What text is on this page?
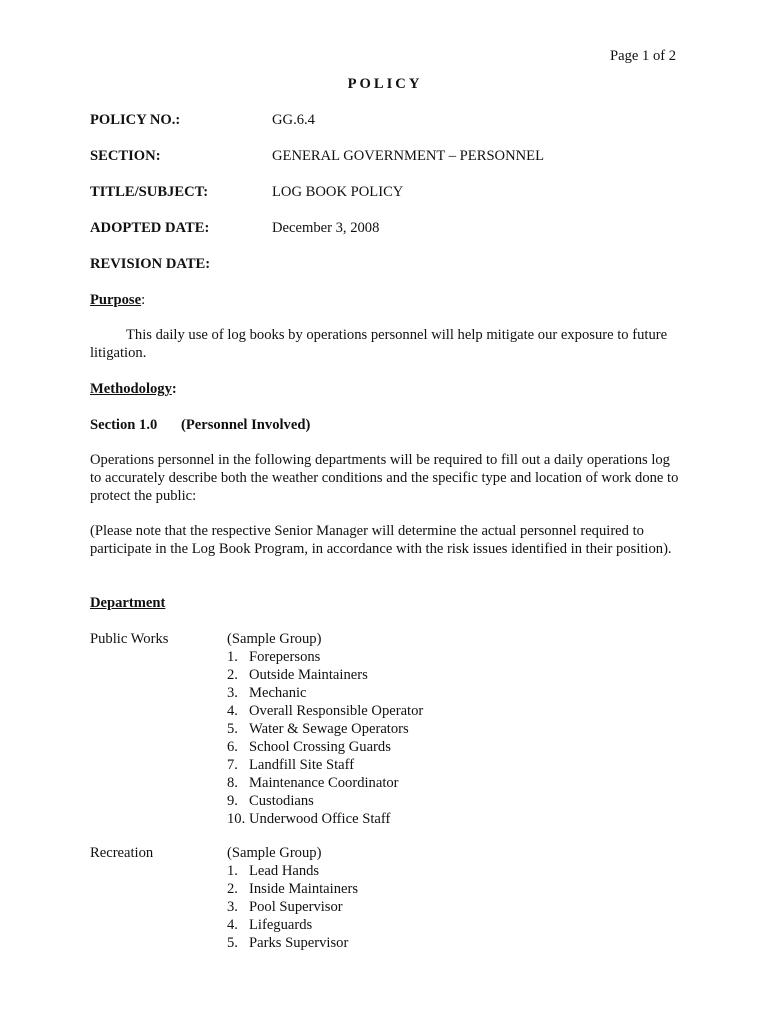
Page 1 of 2
POLICY
POLICY NO.:	GG.6.4
SECTION:	GENERAL GOVERNMENT – PERSONNEL
TITLE/SUBJECT:	LOG BOOK POLICY
ADOPTED DATE:	December 3, 2008
REVISION DATE:
Purpose:
This daily use of log books by operations personnel will help mitigate our exposure to future litigation.
Methodology:
Section 1.0 (Personnel Involved)
Operations personnel in the following departments will be required to fill out a daily operations log to accurately describe both the weather conditions and the specific type and location of work done to protect the public:
(Please note that the respective Senior Manager will determine the actual personnel required to participate in the Log Book Program, in accordance with the risk issues identified in their position).
Department
Public Works	(Sample Group)
1. Forepersons
2. Outside Maintainers
3. Mechanic
4. Overall Responsible Operator
5. Water & Sewage Operators
6. School Crossing Guards
7. Landfill Site Staff
8. Maintenance Coordinator
9. Custodians
10. Underwood Office Staff
Recreation	(Sample Group)
1. Lead Hands
2. Inside Maintainers
3. Pool Supervisor
4. Lifeguards
5. Parks Supervisor
